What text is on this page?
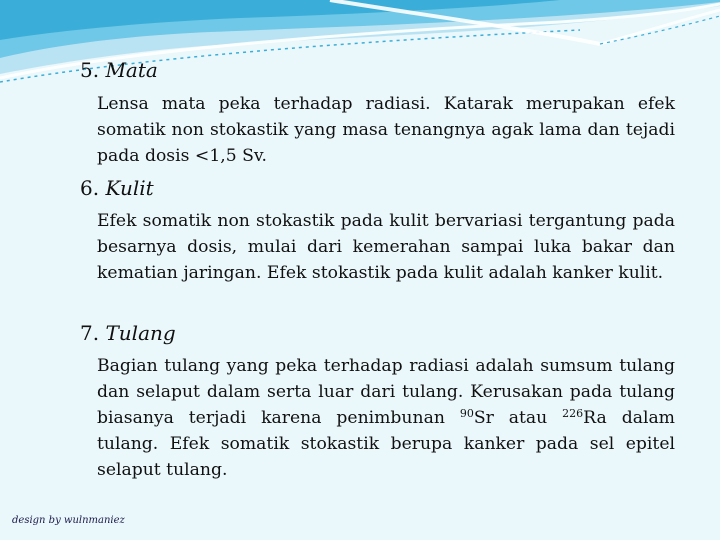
5. Mata

Lensa mata peka terhadap radiasi. Katarak merupakan efek somatik non stokastik yang masa tenangnya agak lama dan tejadi pada dosis <1,5 Sv.

6. Kulit

Efek somatik non stokastik pada kulit bervariasi tergantung pada besarnya dosis, mulai dari kemerahan sampai luka bakar dan kematian jaringan. Efek stokastik pada kulit adalah kanker kulit.

7. Tulang

Bagian tulang yang peka terhadap radiasi adalah sumsum tulang dan selaput dalam serta luar dari tulang. Kerusakan pada tulang biasanya terjadi karena penimbunan $^{90}$Sr atau $^{226}$Ra dalam tulang. Efek somatik stokastik berupa kanker pada sel epitel selaput tulang.

design by wulnmaniez
